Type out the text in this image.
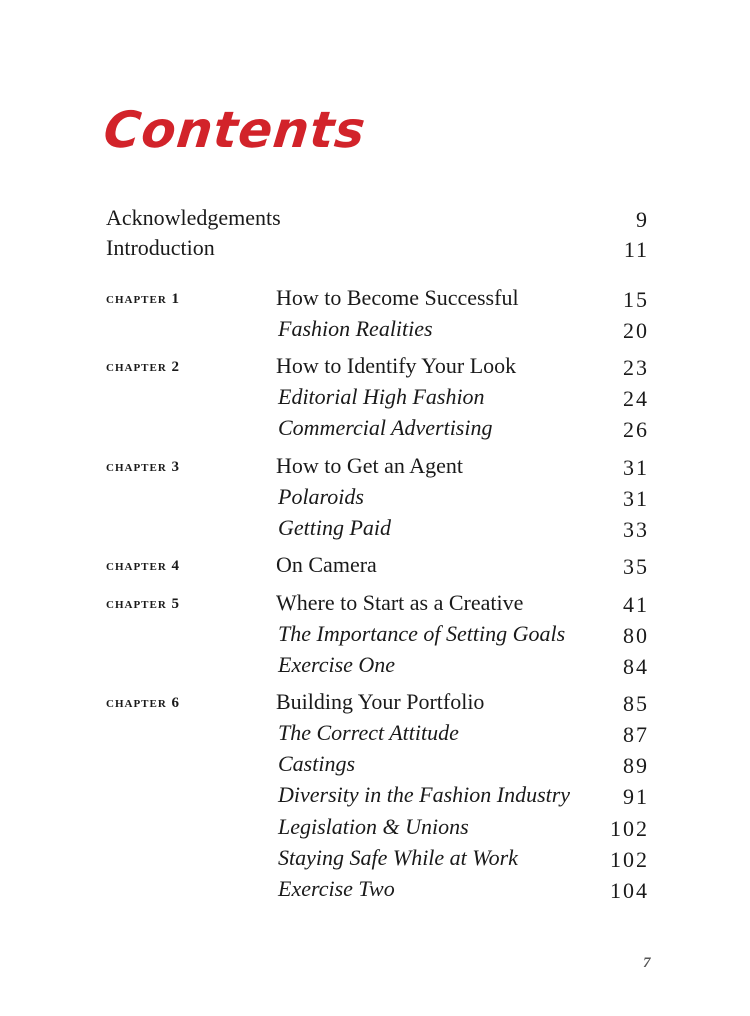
Contents
Acknowledgements	9
Introduction	11
chapter 1	How to Become Successful	15
Fashion Realities	20
chapter 2	How to Identify Your Look	23
Editorial High Fashion	24
Commercial Advertising	26
chapter 3	How to Get an Agent	31
Polaroids	31
Getting Paid	33
chapter 4	On Camera	35
chapter 5	Where to Start as a Creative	41
The Importance of Setting Goals	80
Exercise One	84
chapter 6	Building Your Portfolio	85
The Correct Attitude	87
Castings	89
Diversity in the Fashion Industry 91
Legislation & Unions	102
Staying Safe While at Work	102
Exercise Two	104
7
